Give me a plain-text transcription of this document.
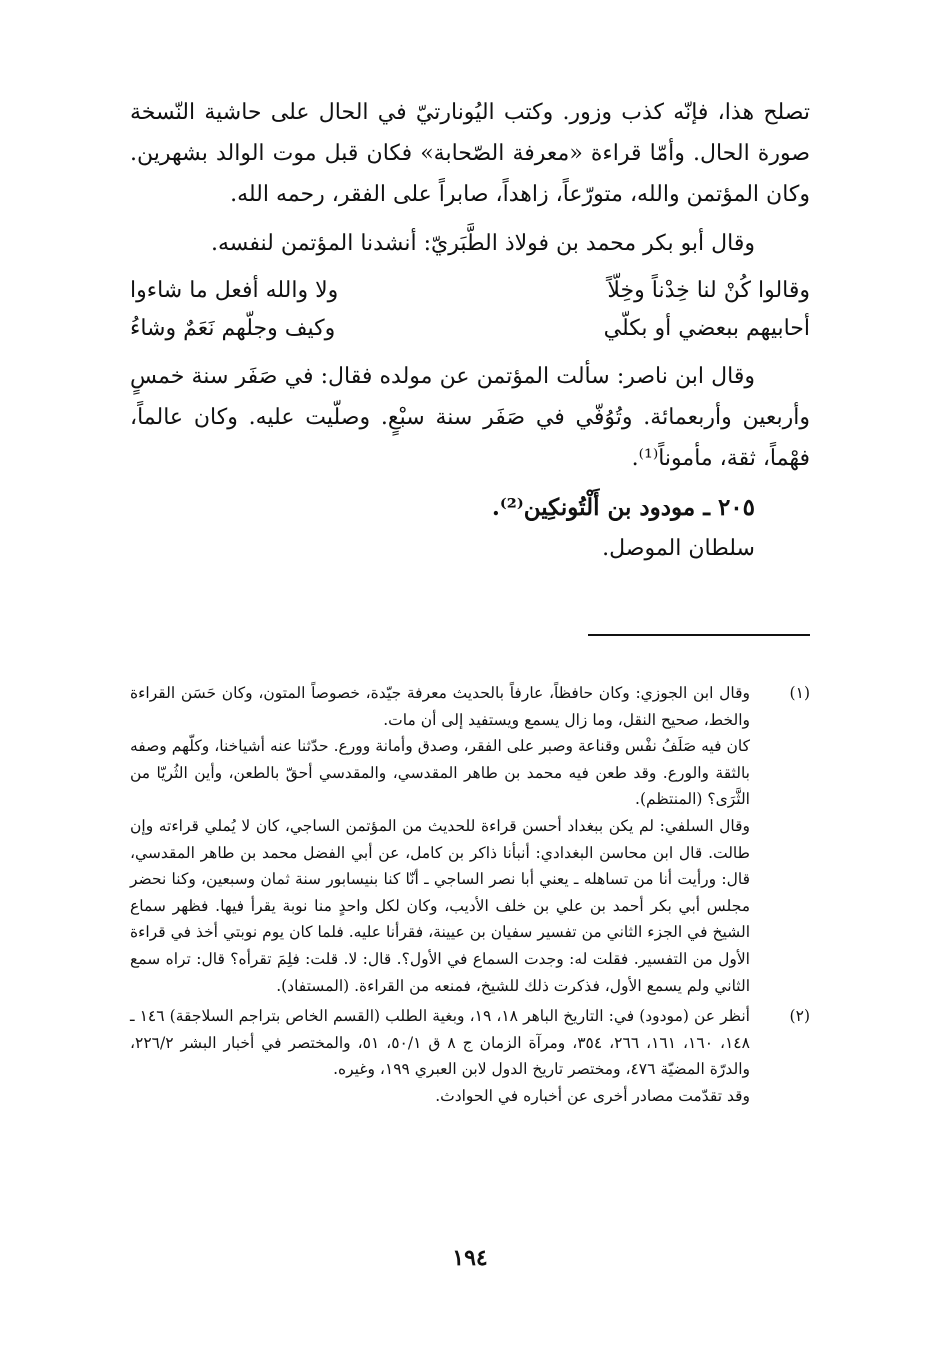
تصلح هذا، فإنّه كذب وزور. وكتب اليُونارتيّ في الحال على حاشية النّسخة صورة الحال. وأمّا قراءة «معرفة الصّحابة» فكان قبل موت الوالد بشهرين. وكان المؤتمن والله، متورّعاً، زاهداً، صابراً على الفقر، رحمه الله.

وقال أبو بكر محمد بن فولاذ الطَّبَريّ: أنشدنا المؤتمن لنفسه.

وقالوا كُنْ لنا خِدْناً وخِلّاً
ولا والله أفعل ما شاءوا
أحابيهم ببعضي أو بكلّي
وكيف وجلّهم نَعَمٌ وشاءُ

وقال ابن ناصر: سألت المؤتمن عن مولده فقال: في صَفَر سنة خمسٍ وأربعين وأربعمائة. وتُوُفّي في صَفَر سنة سبْعٍ. وصلّيت عليه. وكان عالماً، فهْماً، ثقة، مأموناً⁽¹⁾.

٢٠٥ ـ مودود بن أَلْتُونكِين⁽²⁾.

سلطان الموصل.

(١)

وقال ابن الجوزي: وكان حافظاً، عارفاً بالحديث معرفة جيّدة، خصوصاً المتون، وكان حَسَن القراءة والخط، صحيح النقل، وما زال يسمع ويستفيد إلى أن مات.

كان فيه صَلَفُ نفْس وقناعة وصبر على الفقر، وصدق وأمانة وورع. حدّثنا عنه أشياخنا، وكلّهم وصفه بالثقة والورع. وقد طعن فيه محمد بن طاهر المقدسي، والمقدسي أحقّ بالطعن، وأين الثُريّا من الثَّرَى؟ (المنتظم).

وقال السلفي: لم يكن ببغداد أحسن قراءة للحديث من المؤتمن الساجي، كان لا يُملي قراءته وإن طالت. قال ابن محاسن البغدادي: أنبأنا ذاكر بن كامل، عن أبي الفضل محمد بن طاهر المقدسي، قال: ورأيت أنا من تساهله ـ يعني أبا نصر الساجي ـ أنّا كنا بنيسابور سنة ثمان وسبعين، وكنا نحضر مجلس أبي بكر أحمد بن علي بن خلف الأديب، وكان لكل واحدٍ منا نوبة يقرأ فيها. فظهر سماع الشيخ في الجزء الثاني من تفسير سفيان بن عيينة، فقرأنا عليه. فلما كان يوم نوبتي أخذ في قراءة الأول من التفسير. فقلت له: وجدت السماع في الأول؟. قال: لا. قلت: فلِمَ تقرأه؟ قال: تراه سمع الثاني ولم يسمع الأول، فذكرت ذلك للشيخ، فمنعه من القراءة. (المستفاد).

(٢)

أنظر عن (مودود) في: التاريخ الباهر ١٨، ١٩، وبغية الطلب (القسم الخاص بتراجم السلاجقة) ١٤٦ ـ ١٤٨، ١٦٠، ١٦١، ٢٦٦، ٣٥٤، ومرآة الزمان ج ٨ ق ٥٠/١، ٥١، والمختصر في أخبار البشر ٢٢٦/٢، والدرّة المضيّة ٤٧٦، ومختصر تاريخ الدول لابن العبري ١٩٩، وغيره.

وقد تقدّمت مصادر أخرى عن أخباره في الحوادث.

١٩٤
